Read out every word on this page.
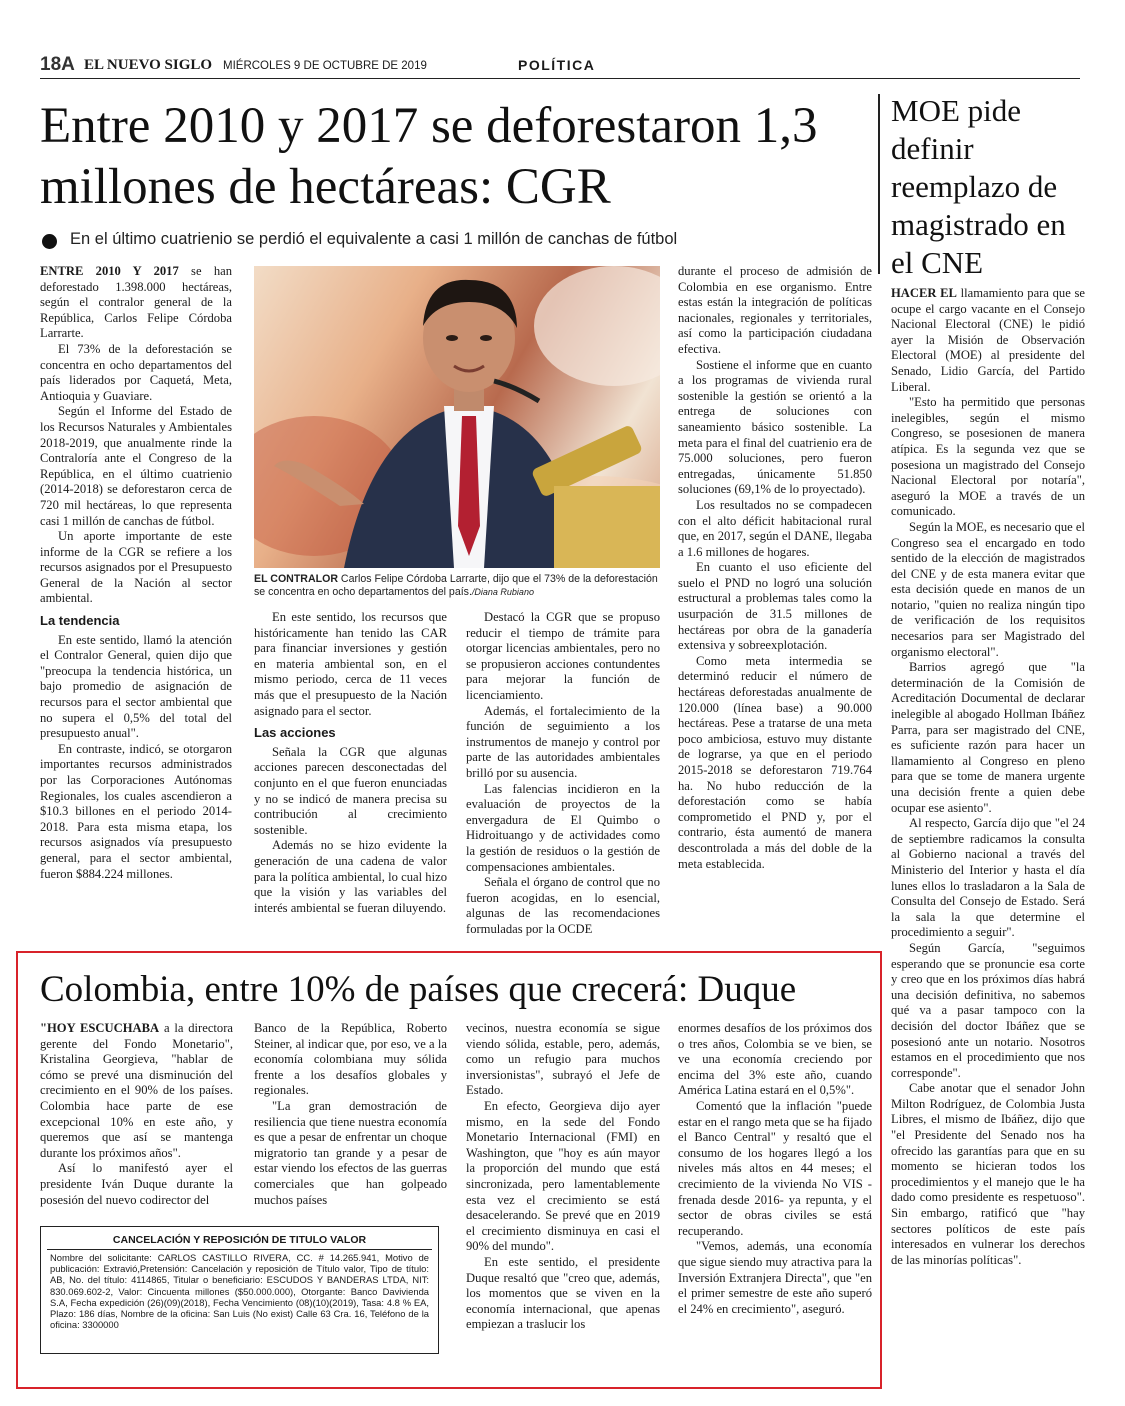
18A EL NUEVO SIGLO MIÉRCOLES 9 DE OCTUBRE DE 2019	POLÍTICA
Entre 2010 y 2017 se deforestaron 1,3 millones de hectáreas: CGR
En el último cuatrienio se perdió el equivalente a casi 1 millón de canchas de fútbol

ENTRE 2010 Y 2017 se han deforestado 1.398.000 hectáreas, según el contralor general de la República, Carlos Felipe Córdoba Larrarte.

El 73% de la deforestación se concentra en ocho departamentos del país liderados por Caquetá, Meta, Antioquia y Guaviare.

Según el Informe del Estado de los Recursos Naturales y Ambientales 2018-2019, que anualmente rinde la Contraloría ante el Congreso de la República, en el último cuatrienio (2014-2018) se deforestaron cerca de 720 mil hectáreas, lo que representa casi 1 millón de canchas de fútbol.

Un aporte importante de este informe de la CGR se refiere a los recursos asignados por el Presupuesto General de la Nación al sector ambiental.

La tendencia

En este sentido, llamó la atención el Contralor General, quien dijo que "preocupa la tendencia histórica, un bajo promedio de asignación de recursos para el sector ambiental que no supera el 0,5% del total del presupuesto anual".

En contraste, indicó, se otorgaron importantes recursos administrados por las Corporaciones Autónomas Regionales, los cuales ascendieron a $10.3 billones en el periodo 2014-2018. Para esta misma etapa, los recursos asignados vía presupuesto general, para el sector ambiental, fueron $884.224 millones.

EL CONTRALOR Carlos Felipe Córdoba Larrarte, dijo que el 73% de la deforestación se concentra en ocho departamentos del país./Diana Rubiano

En este sentido, los recursos que históricamente han tenido las CAR para financiar inversiones y gestión en materia ambiental son, en el mismo periodo, cerca de 11 veces más que el presupuesto de la Nación asignado para el sector.

Las acciones

Señala la CGR que algunas acciones parecen desconectadas del conjunto en el que fueron enunciadas y no se indicó de manera precisa su contribución al crecimiento sostenible.

Además no se hizo evidente la generación de una cadena de valor para la política ambiental, lo cual hizo que la visión y las variables del interés ambiental se fueran diluyendo.

Destacó la CGR que se propuso reducir el tiempo de trámite para otorgar licencias ambientales, pero no se propusieron acciones contundentes para mejorar la función de licenciamiento.

Además, el fortalecimiento de la función de seguimiento a los instrumentos de manejo y control por parte de las autoridades ambientales brilló por su ausencia.

Las falencias incidieron en la evaluación de proyectos de la envergadura de El Quimbo o Hidroituango y de actividades como la gestión de residuos o la gestión de compensaciones ambientales.

Señala el órgano de control que no fueron acogidas, en lo esencial, algunas de las recomendaciones formuladas por la OCDE

durante el proceso de admisión de Colombia en ese organismo. Entre estas están la integración de políticas nacionales, regionales y territoriales, así como la participación ciudadana efectiva.

Sostiene el informe que en cuanto a los programas de vivienda rural sostenible la gestión se orientó a la entrega de soluciones con saneamiento básico sostenible. La meta para el final del cuatrienio era de 75.000 soluciones, pero fueron entregadas, únicamente 51.850 soluciones (69,1% de lo proyectado).

Los resultados no se compadecen con el alto déficit habitacional rural que, en 2017, según el DANE, llegaba a 1.6 millones de hogares.

En cuanto el uso eficiente del suelo el PND no logró una solución estructural a problemas tales como la usurpación de 31.5 millones de hectáreas por obra de la ganadería extensiva y sobreexplotación.

Como meta intermedia se determinó reducir el número de hectáreas deforestadas anualmente de 120.000 (línea base) a 90.000 hectáreas. Pese a tratarse de una meta poco ambiciosa, estuvo muy distante de lograrse, ya que en el periodo 2015-2018 se deforestaron 719.764 ha. No hubo reducción de la deforestación como se había comprometido el PND y, por el contrario, ésta aumentó de manera descontrolada a más del doble de la meta establecida.

MOE pide definir reemplazo de magistrado en el CNE

HACER EL llamamiento para que se ocupe el cargo vacante en el Consejo Nacional Electoral (CNE) le pidió ayer la Misión de Observación Electoral (MOE) al presidente del Senado, Lidio García, del Partido Liberal.

"Esto ha permitido que personas inelegibles, según el mismo Congreso, se posesionen de manera atípica. Es la segunda vez que se posesiona un magistrado del Consejo Nacional Electoral por notaría", aseguró la MOE a través de un comunicado.

Según la MOE, es necesario que el Congreso sea el encargado en todo sentido de la elección de magistrados del CNE y de esta manera evitar que esta decisión quede en manos de un notario, "quien no realiza ningún tipo de verificación de los requisitos necesarios para ser Magistrado del organismo electoral".

Barrios agregó que "la determinación de la Comisión de Acreditación Documental de declarar inelegible al abogado Hollman Ibáñez Parra, para ser magistrado del CNE, es suficiente razón para hacer un llamamiento al Congreso en pleno para que se tome de manera urgente una decisión frente a quien debe ocupar ese asiento".

Al respecto, García dijo que "el 24 de septiembre radicamos la consulta al Gobierno nacional a través del Ministerio del Interior y hasta el día lunes ellos lo trasladaron a la Sala de Consulta del Consejo de Estado. Será la sala la que determine el procedimiento a seguir".

Según García, "seguimos esperando que se pronuncie esa corte y creo que en los próximos días habrá una decisión definitiva, no sabemos qué va a pasar tampoco con la decisión del doctor Ibáñez que se posesionó ante un notario. Nosotros estamos en el procedimiento que nos corresponde".

Cabe anotar que el senador John Milton Rodríguez, de Colombia Justa Libres, el mismo de Ibáñez, dijo que "el Presidente del Senado nos ha ofrecido las garantías para que en su momento se hicieran todos los procedimientos y el manejo que le ha dado como presidente es respetuoso". Sin embargo, ratificó que "hay sectores políticos de este país interesados en vulnerar los derechos de las minorías políticas".

Colombia, entre 10% de países que crecerá: Duque

"HOY ESCUCHABA a la directora gerente del Fondo Monetario", Kristalina Georgieva, "hablar de cómo se prevé una disminución del crecimiento en el 90% de los países. Colombia hace parte de ese excepcional 10% en este año, y queremos que así se mantenga durante los próximos años".

Así lo manifestó ayer el presidente Iván Duque durante la posesión del nuevo codirector del

Banco de la República, Roberto Steiner, al indicar que, por eso, ve a la economía colombiana muy sólida frente a los desafíos globales y regionales.

"La gran demostración de resiliencia que tiene nuestra economía es que a pesar de enfrentar un choque migratorio tan grande y a pesar de estar viendo los efectos de las guerras comerciales que han golpeado muchos países

vecinos, nuestra economía se sigue viendo sólida, estable, pero, además, como un refugio para muchos inversionistas", subrayó el Jefe de Estado.

En efecto, Georgieva dijo ayer mismo, en la sede del Fondo Monetario Internacional (FMI) en Washington, que "hoy es aún mayor la proporción del mundo que está sincronizada, pero lamentablemente esta vez el crecimiento se está desacelerando. Se prevé que en 2019 el crecimiento disminuya en casi el 90% del mundo".

En este sentido, el presidente Duque resaltó que "creo que, además, los momentos que se viven en la economía internacional, que apenas empiezan a traslucir los

enormes desafíos de los próximos dos o tres años, Colombia se ve bien, se ve una economía creciendo por encima del 3% este año, cuando América Latina estará en el 0,5%".

Comentó que la inflación "puede estar en el rango meta que se ha fijado el Banco Central" y resaltó que el consumo de los hogares llegó a los niveles más altos en 44 meses; el crecimiento de la vivienda No VIS -frenada desde 2016- ya repunta, y el sector de obras civiles se está recuperando.

"Vemos, además, una economía que sigue siendo muy atractiva para la Inversión Extranjera Directa", que "en el primer semestre de este año superó el 24% en crecimiento", aseguró.

CANCELACIÓN Y REPOSICIÓN DE TITULO VALOR
Nombre del solicitante: CARLOS CASTILLO RIVERA, CC. # 14.265.941, Motivo de publicación: Extravió,Pretensión: Cancelación y reposición de Título valor, Tipo de título: AB, No. del título: 4114865, Titular o beneficiario: ESCUDOS Y BANDERAS LTDA, NIT: 830.069.602-2, Valor: Cincuenta millones ($50.000.000), Otorgante: Banco Davivienda S.A, Fecha expedición (26)(09)(2018), Fecha Vencimiento (08)(10)(2019), Tasa: 4.8 % EA, Plazo: 186 días, Nombre de la oficina: San Luis (No exist) Calle 63 Cra. 16, Teléfono de la oficina: 3300000
